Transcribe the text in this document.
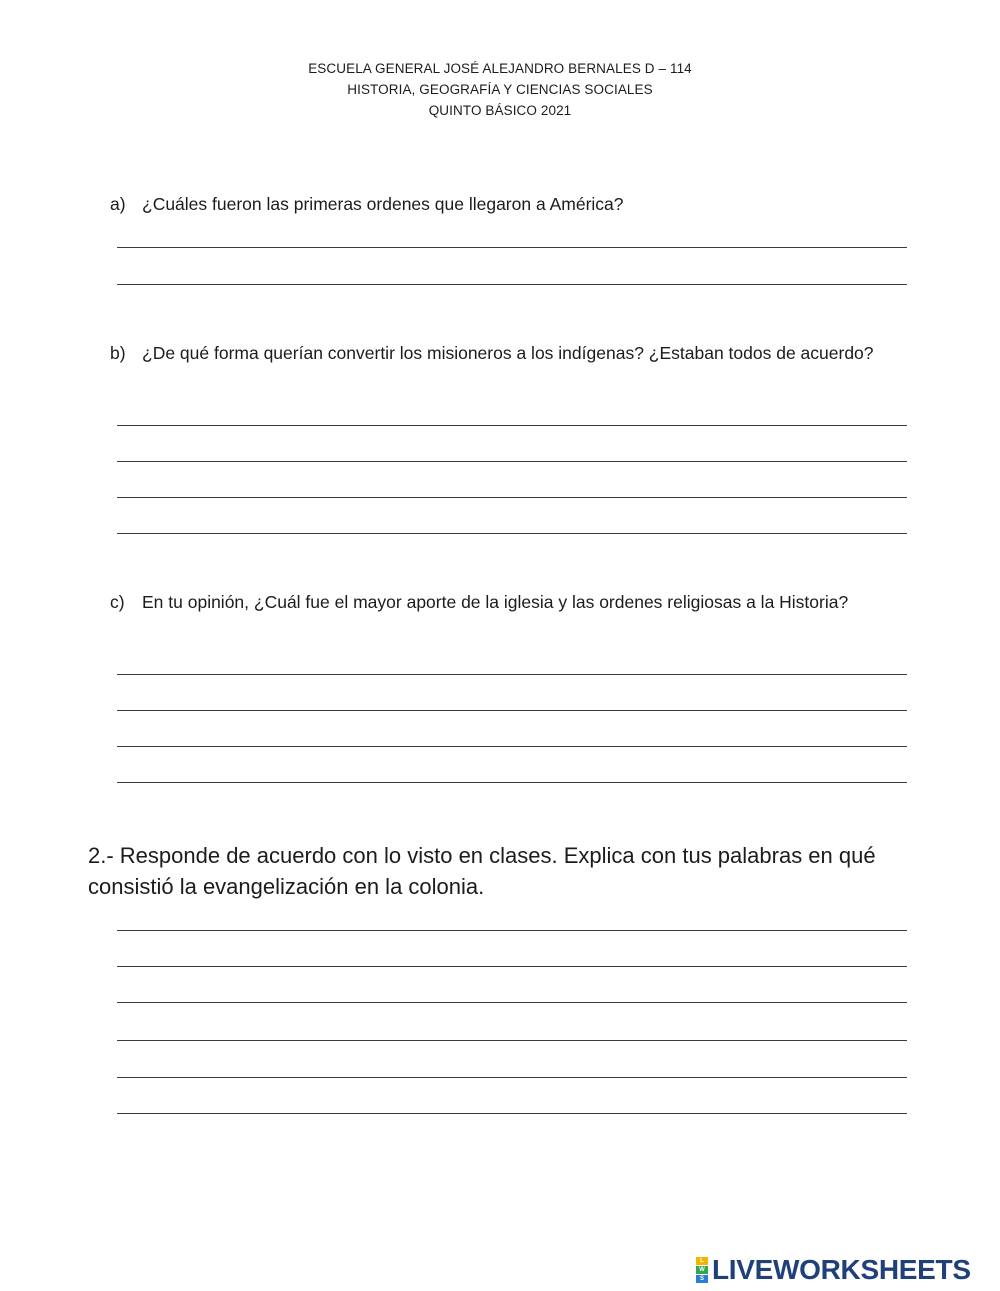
ESCUELA GENERAL JOSÉ ALEJANDRO BERNALES D – 114
HISTORIA, GEOGRAFÍA Y CIENCIAS SOCIALES
QUINTO BÁSICO 2021
a) ¿Cuáles fueron las primeras ordenes que llegaron a América?
b) ¿De qué forma querían convertir los misioneros a los indígenas? ¿Estaban todos de acuerdo?
c) En tu opinión, ¿Cuál fue el mayor aporte de la iglesia y las ordenes religiosas a la Historia?
2.- Responde de acuerdo con lo visto en clases. Explica con tus palabras en qué consistió la evangelización en la colonia.
L
W
S LIVEWORKSHEETS
